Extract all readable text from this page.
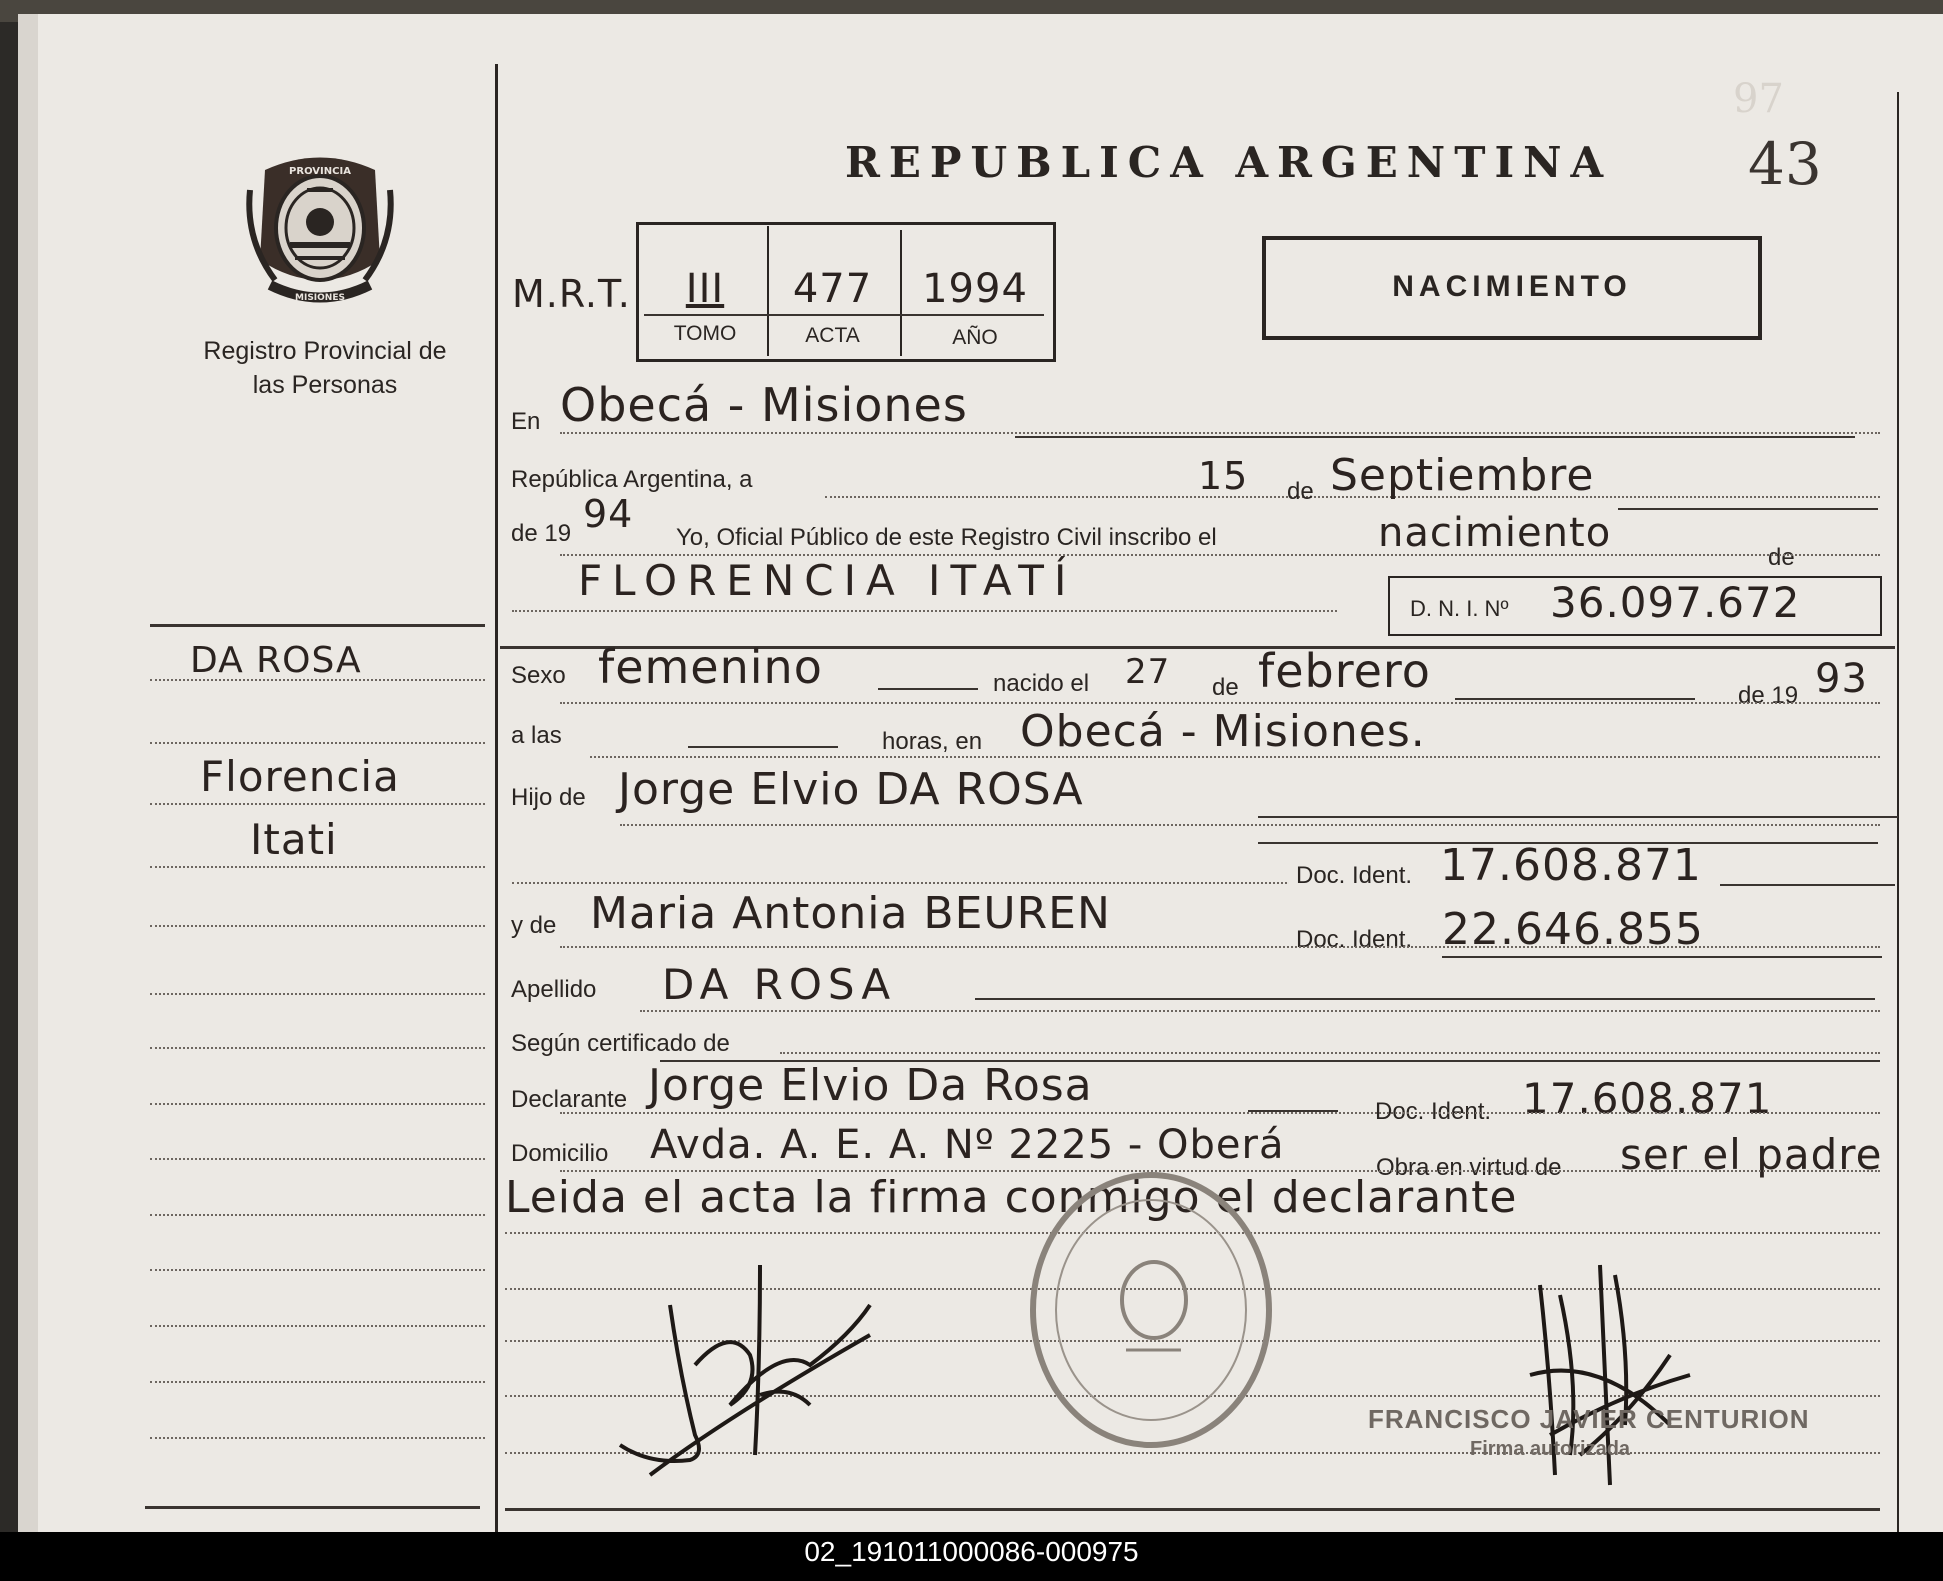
97
PROVINCIA
MISIONES
Registro Provincial de las Personas
DA ROSA
Florencia
Itati
REPUBLICA ARGENTINA 43
M.R.T.	III	477	1994
TOMO	ACTA	AÑO
NACIMIENTO
En Obecá - Misiones
República Argentina, a	15 de Septiembre
de 19 94
Yo, Oficial Público de este Registro Civil inscribo el	nacimiento
de
FLORENCIA ITATÍ
D. N. I. Nº 36.097.672
Sexo femenino	nacido el 27 de febrero	de 19 93
a las	horas, en Obecá - Misiones.
Hijo de Jorge Elvio DA ROSA
Doc. Ident. 17.608.871
y de Maria Antonia BEUREN
Doc. Ident. 22.646.855
Apellido DA ROSA
Según certificado de
Declarante Jorge Elvio Da Rosa
Doc. Ident. 17.608.871
Domicilio Avda. A. E. A. Nº 2225 - Oberá	Obra en virtud de ser el padre
Leida el acta la firma conmigo el declarante
FRANCISCO JAVIER CENTURION
Firma autorizada
02_191011000086-000975
